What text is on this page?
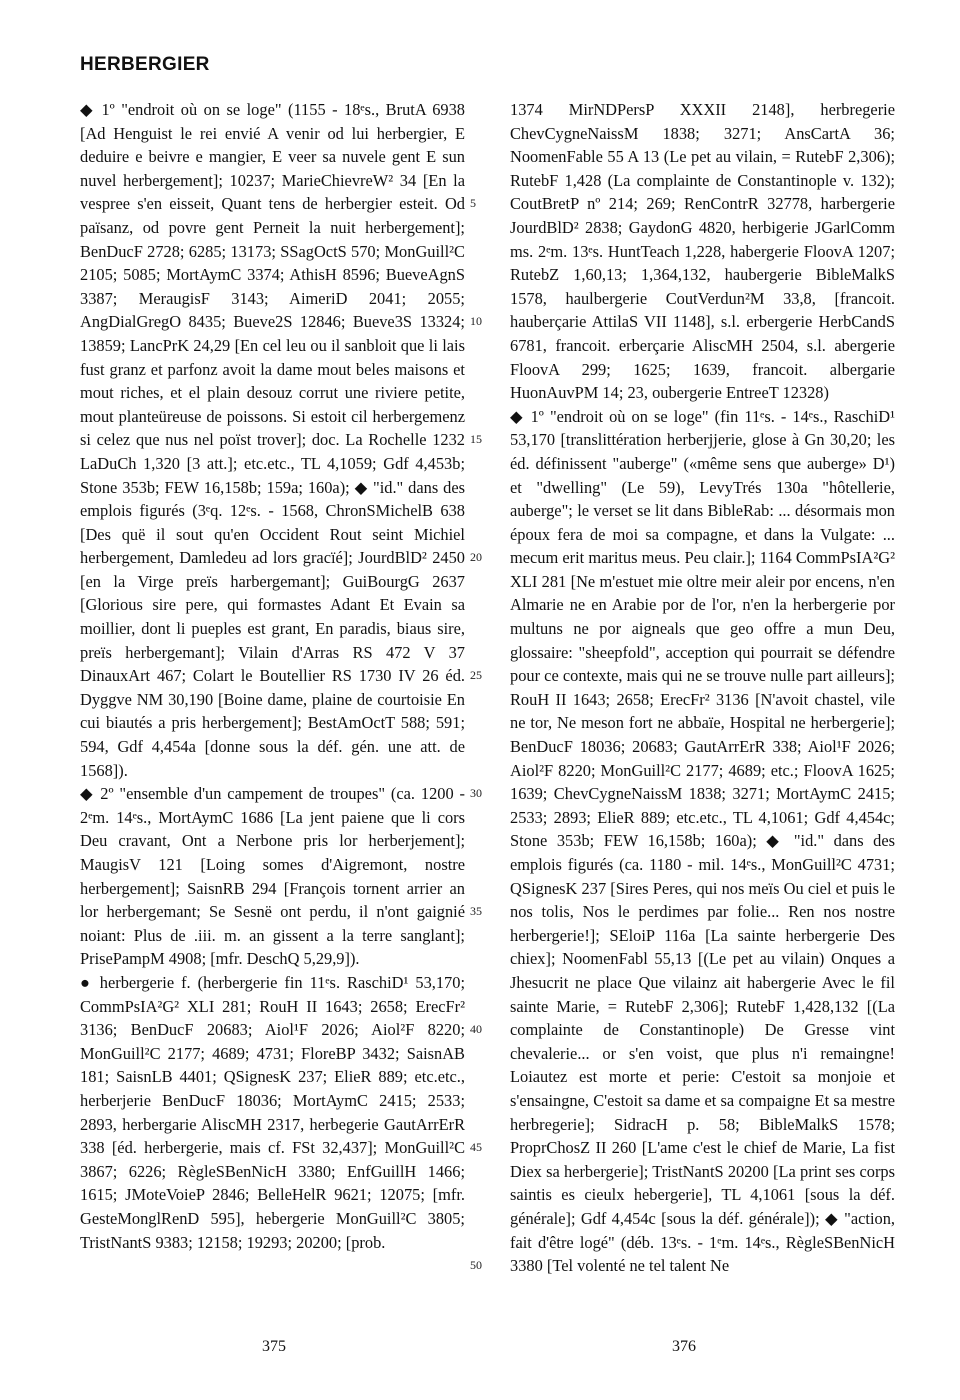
HERBERGIER

◆ 1º "endroit où on se loge" (1155 - 18ᵉs., BrutA 6938 [Ad Henguist le rei envié A venir od lui herbergier, E deduire e beivre e mangier, E veer sa nuvele gent E sun nuvel herbergement]; 10237; MarieChievreW² 34 [En la vespree s'en eisseit, Quant tens de herbergier esteit. Od païsanz, od povre gent Perneit la nuit herbergement]; BenDucF 2728; 6285; 13173; SSagOctS 570; MonGuill²C 2105; 5085; MortAymC 3374; AthisH 8596; BueveAgnS 3387; MeraugisF 3143; AimeriD 2041; 2055; AngDialGregO 8435; Bueve2S 12846; Bueve3S 13324; 13859; LancPrK 24,29 [En cel leu ou il sanbloit que li lais fust granz et parfonz avoit la dame mout beles maisons et mout riches, et el plain desouz corrut une riviere petite, mout planteüreuse de poissons. Si estoit cil herbergemenz si celez que nus nel poïst trover]; doc. La Rochelle 1232 LaDuCh 1,320 [3 att.]; etc.etc., TL 4,1059; Gdf 4,453b; Stone 353b; FEW 16,158b; 159a; 160a); ◆ "id." dans des emplois figurés (3ᵉq. 12ᵉs. - 1568, ChronSMichelB 638 [Des quë il sout qu'en Occident Rout seint Michiel herbergement, Damledeu ad lors gracïé]; JourdBlD² 2450 [en la Virge preïs harbergemant]; GuiBourgG 2637 [Glorious sire pere, qui formastes Adant Et Evain sa moillier, dont li pueples est grant, En paradis, biaus sire, preïs herbergemant]; Vilain d'Arras RS 472 V 37 DinauxArt 467; Colart le Boutellier RS 1730 IV 26 éd. Dyggve NM 30,190 [Boine dame, plaine de courtoisie En cui biautés a pris herbergement]; BestAmOctT 588; 591; 594, Gdf 4,454a [donne sous la déf. gén. une att. de 1568]).

◆ 2º "ensemble d'un campement de troupes" (ca. 1200 - 2ᵉm. 14ᵉs., MortAymC 1686 [La jent paiene que li cors Deu cravant, Ont a Nerbone pris lor herberjement]; MaugisV 121 [Loing somes d'Aigremont, nostre herbergement]; SaisnRB 294 [François tornent arrier an lor herbergemant; Se Sesnë ont perdu, il n'ont gaignié noiant: Plus de .iii. m. an gissent a la terre sanglant]; PrisePampM 4908; [mfr. DeschQ 5,29,9]).

● herbergerie f. (herbergerie fin 11ᵉs. RaschiD¹ 53,170; CommPsIA²G² XLI 281; RouH II 1643; 2658; ErecFr² 3136; BenDucF 20683; Aiol¹F 2026; Aiol²F 8220; MonGuill²C 2177; 4689; 4731; FloreBP 3432; SaisnAB 181; SaisnLB 4401; QSignesK 237; ElieR 889; etc.etc., herberjerie BenDucF 18036; MortAymC 2415; 2533; 2893, herbergarie AliscMH 2317, herbegerie GautArrErR 338 [éd. herbergerie, mais cf. FSt 32,437]; MonGuill²C 3867; 6226; RègleSBenNicH 3380; EnfGuillH 1466; 1615; JMoteVoieP 2846; BelleHelR 9621; 12075; [mfr. GesteMonglRenD 595], hebergerie MonGuill²C 3805; TristNantS 9383; 12158; 19293; 20200; [prob.

5
10
15
20
25
30
35
40
45
50

1374 MirNDPersP XXXII 2148], herbregerie ChevCygneNaissM 1838; 3271; AnsCartA 36; NoomenFable 55 A 13 (Le pet au vilain, = RutebF 2,306); RutebF 1,428 (La complainte de Constantinople v. 132); CoutBretP nº 214; 269; RenContrR 32778, harbergerie JourdBlD² 2838; GaydonG 4820, herbigerie JGarlComm ms. 2ᵉm. 13ᵉs. HuntTeach 1,228, habergerie FloovA 1207; RutebZ 1,60,13; 1,364,132, haubergerie BibleMalkS 1578, haulbergerie CoutVerdun²M 33,8, [francoit. hauberçarie AttilaS VII 1148], s.l. erbergerie HerbCandS 6781, francoit. erberçarie AliscMH 2504, s.l. abergerie FloovA 299; 1625; 1639, francoit. albergarie HuonAuvPM 14; 23, oubergerie EntreeT 12328)

◆ 1º "endroit où on se loge" (fin 11ᵉs. - 14ᵉs., RaschiD¹ 53,170 [translittération herberjjerie, glose à Gn 30,20; les éd. définissent "auberge" («même sens que auberge» D¹) et "dwelling" (Le 59), LevyTrés 130a "hôtellerie, auberge"; le verset se lit dans BibleRab: ... désormais mon époux fera de moi sa compagne, et dans la Vulgate: ... mecum erit maritus meus. Peu clair.]; 1164 CommPsIA²G² XLI 281 [Ne m'estuet mie oltre meir aleir por encens, n'en Almarie ne en Arabie por de l'or, n'en la herbergerie por multuns ne por aigneals que geo offre a mun Deu, glossaire: "sheepfold", acception qui pourrait se défendre pour ce contexte, mais qui ne se trouve nulle part ailleurs]; RouH II 1643; 2658; ErecFr² 3136 [N'avoit chastel, vile ne tor, Ne meson fort ne abbaïe, Hospital ne herbergerie]; BenDucF 18036; 20683; GautArrErR 338; Aiol¹F 2026; Aiol²F 8220; MonGuill²C 2177; 4689; etc.; FloovA 1625; 1639; ChevCygneNaissM 1838; 3271; MortAymC 2415; 2533; 2893; ElieR 889; etc.etc., TL 4,1061; Gdf 4,454c; Stone 353b; FEW 16,158b; 160a); ◆ "id." dans des emplois figurés (ca. 1180 - mil. 14ᵉs., MonGuill²C 4731; QSignesK 237 [Sires Peres, qui nos meïs Ou ciel et puis le nos tolis, Nos le perdimes par folie... Ren nos nostre herbergerie!]; SEloiP 116a [La sainte herbergerie Des chiex]; NoomenFabl 55,13 [(Le pet au vilain) Onques a Jhesucrit ne place Que vilainz ait habergerie Avec le fil sainte Marie, = RutebF 2,306]; RutebF 1,428,132 [(La complainte de Constantinople) De Gresse vint chevalerie... or s'en voist, que plus n'i remaingne! Loiautez est morte et perie: C'estoit sa monjoie et s'ensaingne, C'estoit sa dame et sa compaigne Et sa mestre herbregerie]; SidracH p. 58; BibleMalkS 1578; ProprChosZ II 260 [L'ame c'est le chief de Marie, La fist Diex sa herbergerie]; TristNantS 20200 [La print ses corps saintis es cieulx hebergerie], TL 4,1061 [sous la déf. générale]; Gdf 4,454c [sous la déf. générale]); ◆ "action, fait d'être logé" (déb. 13ᵉs. - 1ᵉm. 14ᵉs., RègleSBenNicH 3380 [Tel volenté ne tel talent Ne

375	376
